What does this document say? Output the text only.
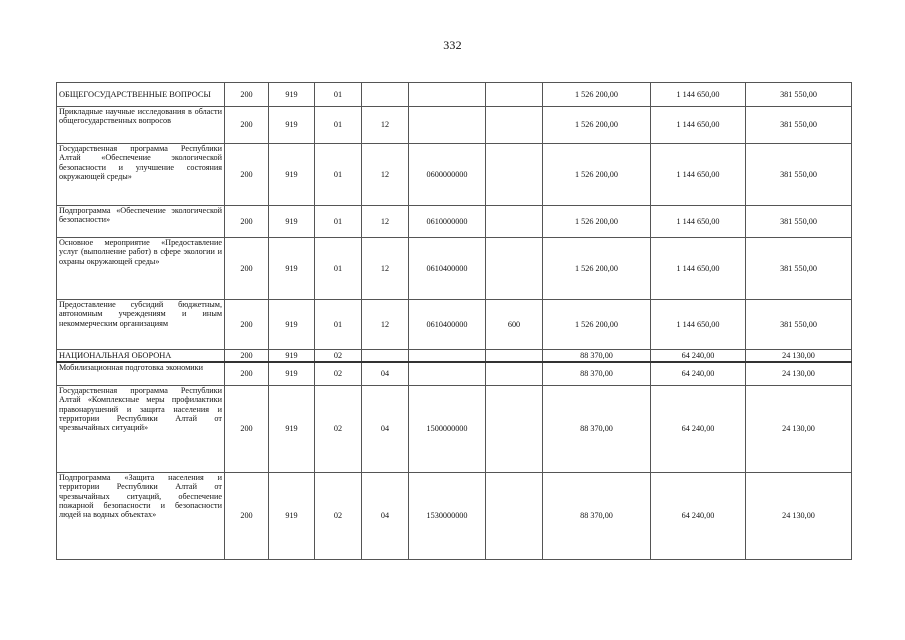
332
ОБЩЕГОСУДАРСТВЕННЫЕ ВОПРОСЫ	200	919	01				1 526 200,00	1 144 650,00	381 550,00
Прикладные научные исследования в области общегосударственных вопросов	200	919	01	12			1 526 200,00	1 144 650,00	381 550,00
Государственная программа Республики Алтай «Обеспечение экологической безопасности и улучшение состояния окружающей среды»	200	919	01	12	0600000000		1 526 200,00	1 144 650,00	381 550,00
Подпрограмма «Обеспечение экологической безопасности»	200	919	01	12	0610000000		1 526 200,00	1 144 650,00	381 550,00
Основное мероприятие «Предоставление услуг (выполнение работ) в сфере экологии и охраны окружающей среды»	200	919	01	12	0610400000		1 526 200,00	1 144 650,00	381 550,00
Предоставление субсидий бюджетным, автономным учреждениям и иным некоммерческим организациям	200	919	01	12	0610400000	600	1 526 200,00	1 144 650,00	381 550,00
НАЦИОНАЛЬНАЯ ОБОРОНА	200	919	02				88 370,00	64 240,00	24 130,00
Мобилизационная подготовка экономики	200	919	02	04			88 370,00	64 240,00	24 130,00
Государственная программа Республики Алтай «Комплексные меры профилактики правонарушений и защита населения и территории Республики Алтай от чрезвычайных ситуаций»	200	919	02	04	1500000000		88 370,00	64 240,00	24 130,00
Подпрограмма «Защита населения и территории Республики Алтай от чрезвычайных ситуаций, обеспечение пожарной безопасности и безопасности людей на водных объектах»	200	919	02	04	1530000000		88 370,00	64 240,00	24 130,00
